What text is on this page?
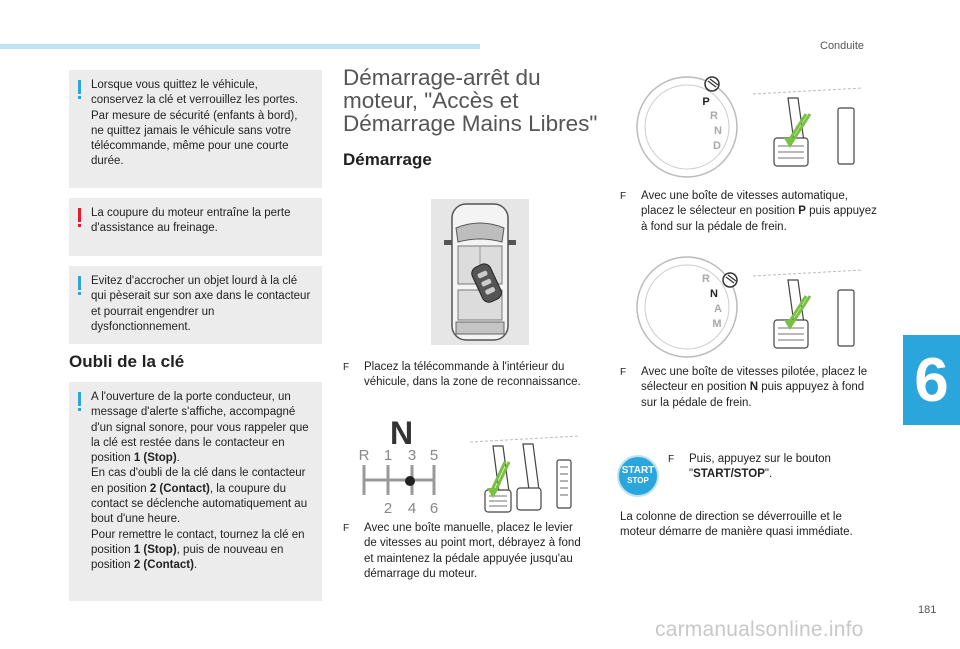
Conduite
6
181
Lorsque vous quittez le véhicule, conservez la clé et verrouillez les portes. Par mesure de sécurité (enfants à bord), ne quittez jamais le véhicule sans votre télécommande, même pour une courte durée.
La coupure du moteur entraîne la perte d'assistance au freinage.
Evitez d'accrocher un objet lourd à la clé qui pèserait sur son axe dans le contacteur et pourrait engendrer un dysfonctionnement.
Oubli de la clé
A l'ouverture de la porte conducteur, un message d'alerte s'affiche, accompagné d'un signal sonore, pour vous rappeler que la clé est restée dans le contacteur en position 1 (Stop).
En cas d'oubli de la clé dans le contacteur en position 2 (Contact), la coupure du contact se déclenche automatiquement au bout d'une heure.
Pour remettre le contact, tournez la clé en position 1 (Stop), puis de nouveau en position 2 (Contact).
Démarrage-arrêt du moteur, "Accès et Démarrage Mains Libres"
Démarrage
F	Placez la télécommande à l'intérieur du véhicule, dans la zone de reconnaissance.
N
R 1 3 5
2 4 6
F	Avec une boîte manuelle, placez le levier de vitesses au point mort, débrayez à fond et maintenez la pédale appuyée jusqu'au démarrage du moteur.
P
R
N
D
F	Avec une boîte de vitesses automatique, placez le sélecteur en position P puis appuyez à fond sur la pédale de frein.
R
N
A
M
F	Avec une boîte de vitesses pilotée, placez le sélecteur en position N puis appuyez à fond sur la pédale de frein.
START
STOP
F	Puis, appuyez sur le bouton "START/STOP".
La colonne de direction se déverrouille et le moteur démarre de manière quasi immédiate.
carmanualsonline.info
